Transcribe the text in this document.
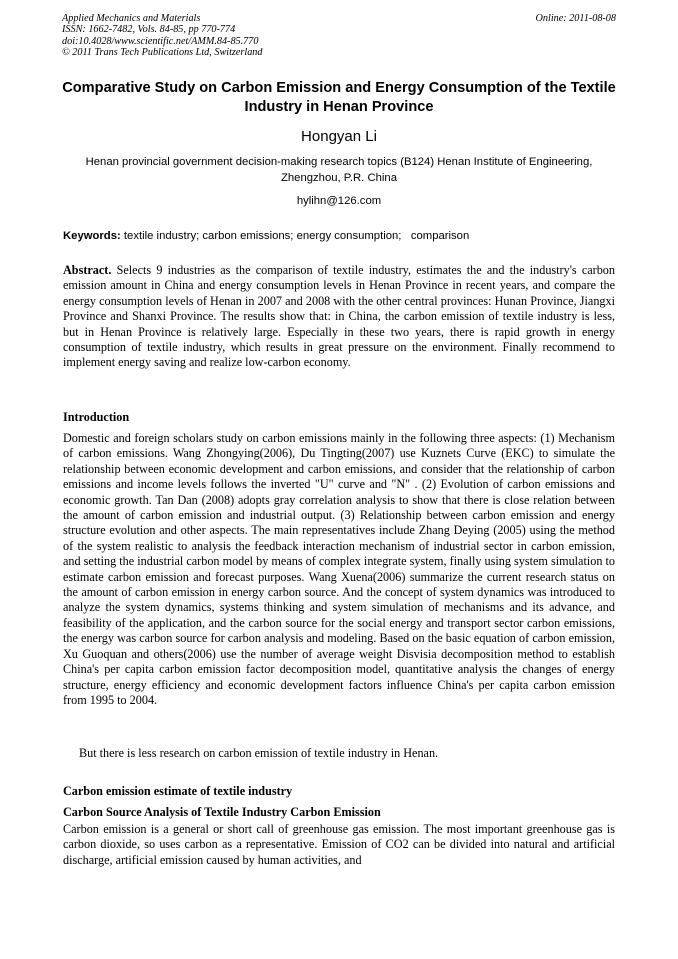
Applied Mechanics and Materials
ISSN: 1662-7482, Vols. 84-85, pp 770-774
doi:10.4028/www.scientific.net/AMM.84-85.770
© 2011 Trans Tech Publications Ltd, Switzerland
Online: 2011-08-08
Comparative Study on Carbon Emission and Energy Consumption of the Textile Industry in Henan Province
Hongyan Li
Henan provincial government decision-making research topics (B124) Henan Institute of Engineering, Zhengzhou, P.R. China
hylihn@126.com
Keywords: textile industry; carbon emissions; energy consumption;   comparison

Abstract. Selects 9 industries as the comparison of textile industry, estimates the and the industry's carbon emission amount in China and energy consumption levels in Henan Province in recent years, and compare the energy consumption levels of Henan in 2007 and 2008 with the other central provinces: Hunan Province, Jiangxi Province and Shanxi Province. The results show that: in China, the carbon emission of textile industry is less, but in Henan Province is relatively large. Especially in these two years, there is rapid growth in energy consumption of textile industry, which results in great pressure on the environment. Finally recommend to implement energy saving and realize low-carbon economy.

Introduction

Domestic and foreign scholars study on carbon emissions mainly in the following three aspects: (1) Mechanism of carbon emissions. Wang Zhongying(2006), Du Tingting(2007) use Kuznets Curve (EKC) to simulate the relationship between economic development and carbon emissions, and consider that the relationship of carbon emissions and income levels follows the inverted "U" curve and "N" . (2) Evolution of carbon emissions and economic growth. Tan Dan (2008) adopts gray correlation analysis to show that there is close relation between the amount of carbon emission and industrial output. (3) Relationship between carbon emission and energy structure evolution and other aspects. The main representatives include Zhang Deying (2005) using the method of the system realistic to analysis the feedback interaction mechanism of industrial sector in carbon emission, and setting the industrial carbon model by means of complex integrate system, finally using system simulation to estimate carbon emission and forecast purposes. Wang Xuena(2006) summarize the current research status on the amount of carbon emission in energy carbon source. And the concept of system dynamics was introduced to analyze the system dynamics, systems thinking and system simulation of mechanisms and its advance, and feasibility of the application, and the carbon source for the social energy and transport sector carbon emissions, the energy was carbon source for carbon analysis and modeling. Based on the basic equation of carbon emission, Xu Guoquan and others(2006) use the number of average weight Disvisia decomposition method to establish China's per capita carbon emission factor decomposition model, quantitative analysis the changes of energy structure, energy efficiency and economic development factors influence China's per capita carbon emission from 1995 to 2004.

But there is less research on carbon emission of textile industry in Henan.

Carbon emission estimate of textile industry
Carbon Source Analysis of Textile Industry Carbon Emission

Carbon emission is a general or short call of greenhouse gas emission. The most important greenhouse gas is carbon dioxide, so uses carbon as a representative. Emission of CO2 can be divided into natural and artificial discharge, artificial emission caused by human activities, and
